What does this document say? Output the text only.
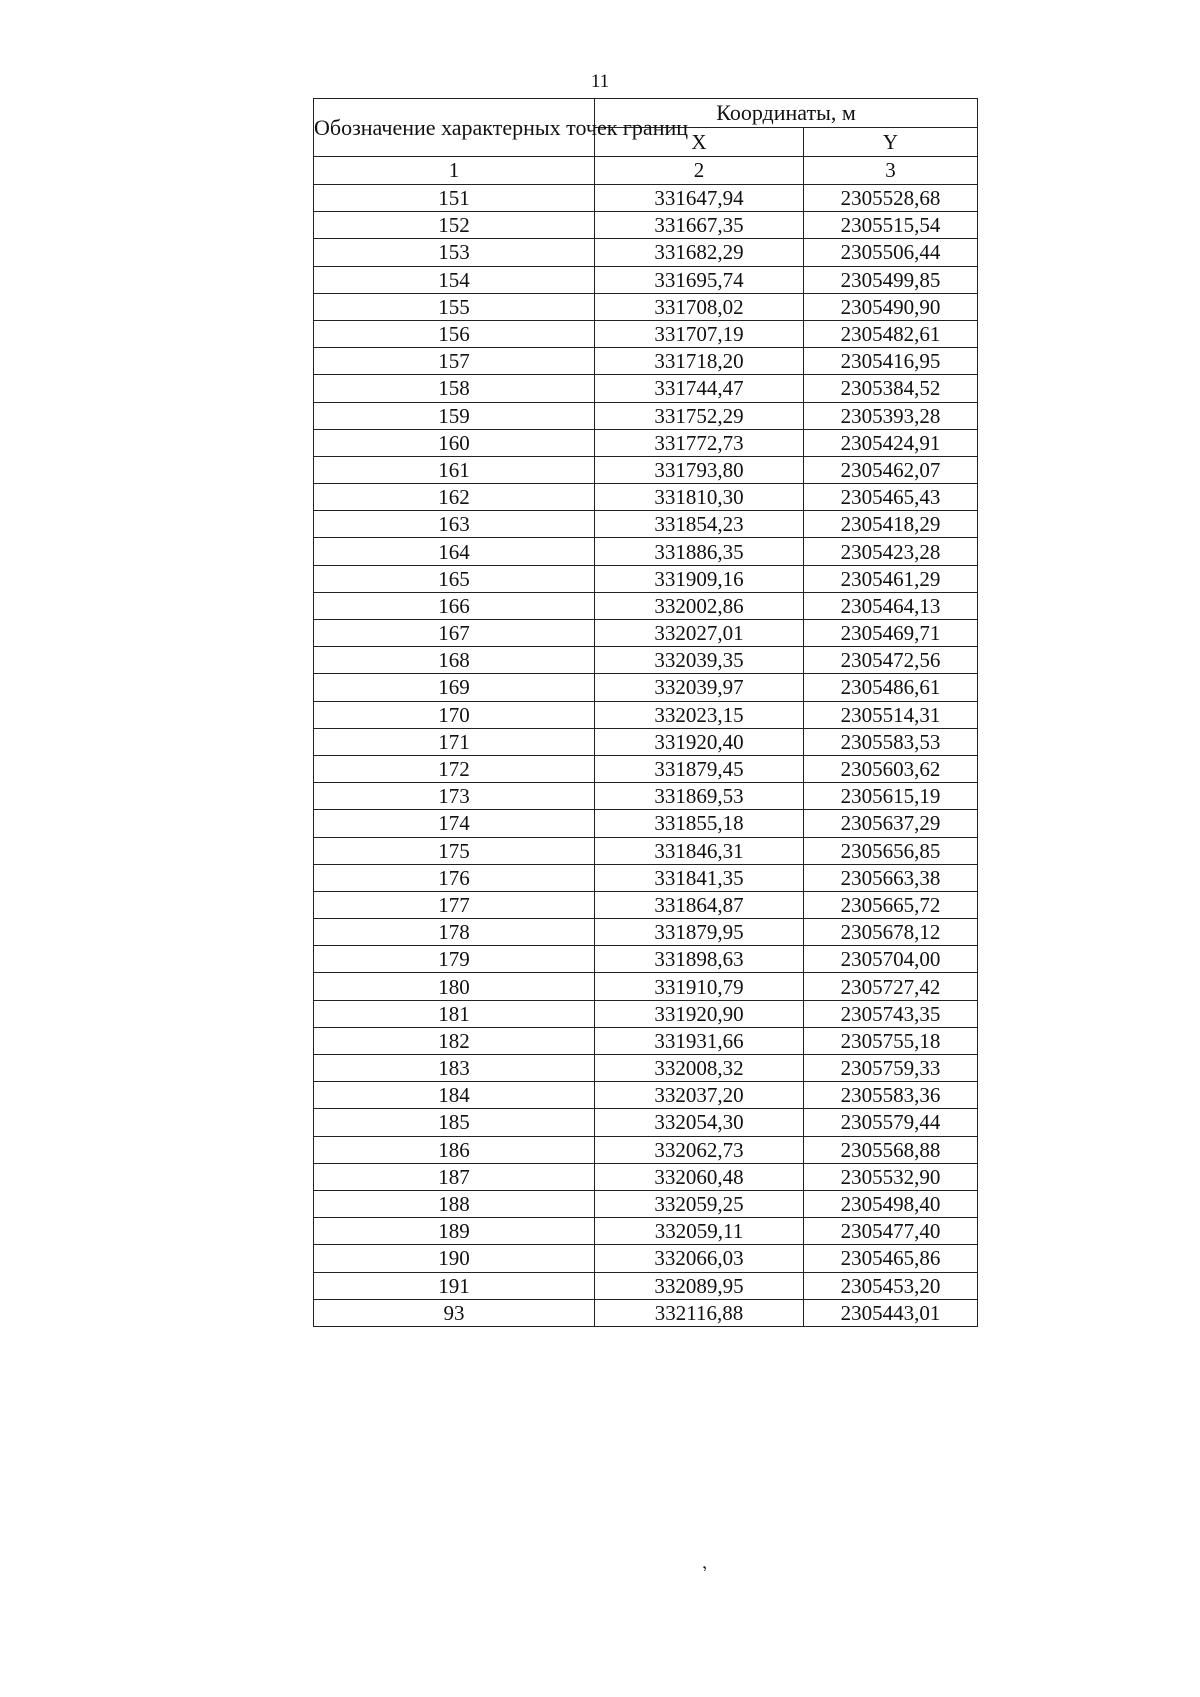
11
Обозначение характерных точек границ	Координаты, м	
	X	Y
1	2	3
151	331647,94	2305528,68
152	331667,35	2305515,54
153	331682,29	2305506,44
154	331695,74	2305499,85
155	331708,02	2305490,90
156	331707,19	2305482,61
157	331718,20	2305416,95
158	331744,47	2305384,52
159	331752,29	2305393,28
160	331772,73	2305424,91
161	331793,80	2305462,07
162	331810,30	2305465,43
163	331854,23	2305418,29
164	331886,35	2305423,28
165	331909,16	2305461,29
166	332002,86	2305464,13
167	332027,01	2305469,71
168	332039,35	2305472,56
169	332039,97	2305486,61
170	332023,15	2305514,31
171	331920,40	2305583,53
172	331879,45	2305603,62
173	331869,53	2305615,19
174	331855,18	2305637,29
175	331846,31	2305656,85
176	331841,35	2305663,38
177	331864,87	2305665,72
178	331879,95	2305678,12
179	331898,63	2305704,00
180	331910,79	2305727,42
181	331920,90	2305743,35
182	331931,66	2305755,18
183	332008,32	2305759,33
184	332037,20	2305583,36
185	332054,30	2305579,44
186	332062,73	2305568,88
187	332060,48	2305532,90
188	332059,25	2305498,40
189	332059,11	2305477,40
190	332066,03	2305465,86
191	332089,95	2305453,20
93	332116,88	2305443,01
ʼ
